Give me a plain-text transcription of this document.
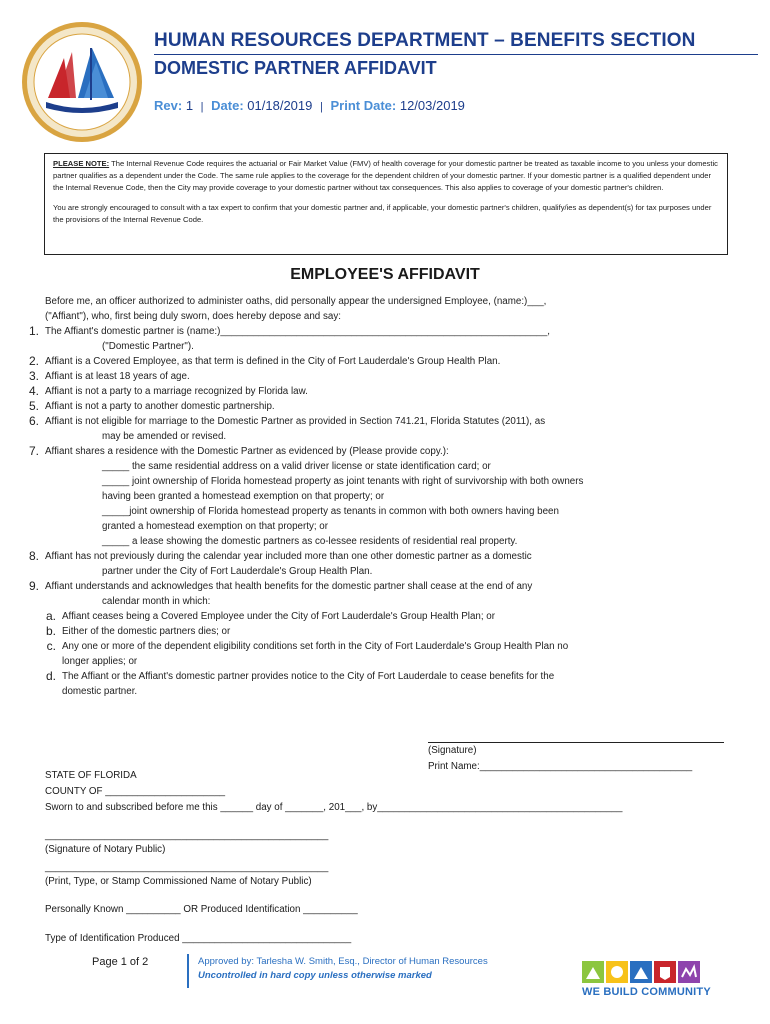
HUMAN RESOURCES DEPARTMENT – BENEFITS SECTION
DOMESTIC PARTNER AFFIDAVIT
Rev: 1 | Date: 01/18/2019 | Print Date: 12/03/2019

PLEASE NOTE: The Internal Revenue Code requires the actuarial or Fair Market Value (FMV) of health coverage for your domestic partner be treated as taxable income to you unless your domestic partner qualifies as a dependent under the Code. The same rule applies to the coverage for the dependent children of your domestic partner. If your domestic partner is a qualified dependent under the Internal Revenue Code, then the City may provide coverage to your domestic partner without tax consequences. This also applies to coverage of your domestic partner's children.

You are strongly encouraged to consult with a tax expert to confirm that your domestic partner and, if applicable, your domestic partner's children, qualify/ies as dependent(s) for tax purposes under the provisions of the Internal Revenue Code.

EMPLOYEE'S AFFIDAVIT
Before me, an officer authorized to administer oaths, did personally appear the undersigned Employee, (name:)___,
("Affiant"), who, first being duly sworn, does hereby depose and say:
1. The Affiant's domestic partner is (name:)____________________________________________________________,
("Domestic Partner").
2. Affiant is a Covered Employee, as that term is defined in the City of Fort Lauderdale's Group Health Plan.
3. Affiant is at least 18 years of age.
4. Affiant is not a party to a marriage recognized by Florida law.
5. Affiant is not a party to another domestic partnership.
6. Affiant is not eligible for marriage to the Domestic Partner as provided in Section 741.21, Florida Statutes (2011), as
may be amended or revised.
7. Affiant shares a residence with the Domestic Partner as evidenced by (Please provide copy.):
_____ the same residential address on a valid driver license or state identification card; or
_____ joint ownership of Florida homestead property as joint tenants with right of survivorship with both owners
having been granted a homestead exemption on that property; or
_____joint ownership of Florida homestead property as tenants in common with both owners having been
granted a homestead exemption on that property; or
_____ a lease showing the domestic partners as co-lessee residents of residential real property.
8. Affiant has not previously during the calendar year included more than one other domestic partner as a domestic
partner under the City of Fort Lauderdale's Group Health Plan.
9. Affiant understands and acknowledges that health benefits for the domestic partner shall cease at the end of any
calendar month in which:
a. Affiant ceases being a Covered Employee under the City of Fort Lauderdale's Group Health Plan; or
b. Either of the domestic partners dies; or
c. Any one or more of the dependent eligibility conditions set forth in the City of Fort Lauderdale's Group Health Plan no
longer applies; or
d. The Affiant or the Affiant's domestic partner provides notice to the City of Fort Lauderdale to cease benefits for the
domestic partner.
(Signature)
Print Name:_______________________________________
STATE OF FLORIDA
COUNTY OF ______________________
Sworn to and subscribed before me this ______ day of _______, 201___, by_____________________________________________
____________________________________________________
(Signature of Notary Public)
____________________________________________________
(Print, Type, or Stamp Commissioned Name of Notary Public)
Personally Known __________ OR Produced Identification __________
Type of Identification Produced _______________________________
Page 1 of 2	Approved by: Tarlesha W. Smith, Esq., Director of Human Resources
Uncontrolled in hard copy unless otherwise marked
WE BUILD COMMUNITY
